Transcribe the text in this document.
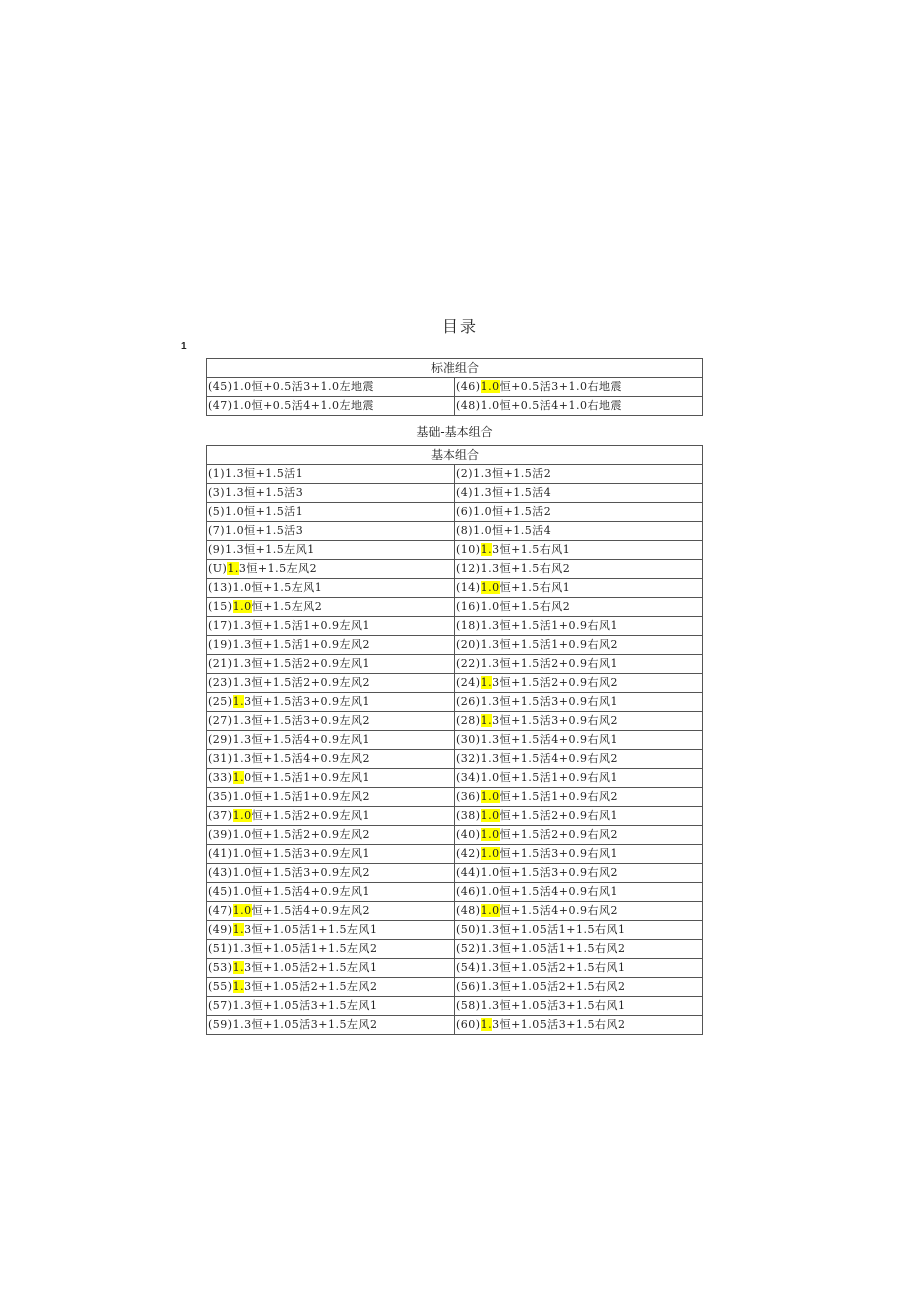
目录
1
标准组合	
(45)1.0恒+0.5活3+1.0左地震	(46)1.0恒+0.5活3+1.0右地震
(47)1.0恒+0.5活4+1.0左地震	(48)1.0恒+0.5活4+1.0右地震
基础-基本组合
基本组合	
(1)1.3恒+1.5活1	(2)1.3恒+1.5活2
(3)1.3恒+1.5活3	(4)1.3恒+1.5活4
(5)1.0恒+1.5活1	(6)1.0恒+1.5活2
(7)1.0恒+1.5活3	(8)1.0恒+1.5活4
(9)1.3恒+1.5左风1	(10)1.3恒+1.5右风1
(U)1.3恒+1.5左风2	(12)1.3恒+1.5右风2
(13)1.0恒+1.5左风1	(14)1.0恒+1.5右风1
(15)1.0恒+1.5左风2	(16)1.0恒+1.5右风2
(17)1.3恒+1.5活1+0.9左风1	(18)1.3恒+1.5活1+0.9右风1
(19)1.3恒+1.5活1+0.9左风2	(20)1.3恒+1.5活1+0.9右风2
(21)1.3恒+1.5活2+0.9左风1	(22)1.3恒+1.5活2+0.9右风1
(23)1.3恒+1.5活2+0.9左风2	(24)1.3恒+1.5活2+0.9右风2
(25)1.3恒+1.5活3+0.9左风1	(26)1.3恒+1.5活3+0.9右风1
(27)1.3恒+1.5活3+0.9左风2	(28)1.3恒+1.5活3+0.9右风2
(29)1.3恒+1.5活4+0.9左风1	(30)1.3恒+1.5活4+0.9右风1
(31)1.3恒+1.5活4+0.9左风2	(32)1.3恒+1.5活4+0.9右风2
(33)1.0恒+1.5活1+0.9左风1	(34)1.0恒+1.5活1+0.9右风1
(35)1.0恒+1.5活1+0.9左风2	(36)1.0恒+1.5活1+0.9右风2
(37)1.0恒+1.5活2+0.9左风1	(38)1.0恒+1.5活2+0.9右风1
(39)1.0恒+1.5活2+0.9左风2	(40)1.0恒+1.5活2+0.9右风2
(41)1.0恒+1.5活3+0.9左风1	(42)1.0恒+1.5活3+0.9右风1
(43)1.0恒+1.5活3+0.9左风2	(44)1.0恒+1.5活3+0.9右风2
(45)1.0恒+1.5活4+0.9左风1	(46)1.0恒+1.5活4+0.9右风1
(47)1.0恒+1.5活4+0.9左风2	(48)1.0恒+1.5活4+0.9右风2
(49)1.3恒+1.05活1+1.5左风1	(50)1.3恒+1.05活1+1.5右风1
(51)1.3恒+1.05活1+1.5左风2	(52)1.3恒+1.05活1+1.5右风2
(53)1.3恒+1.05活2+1.5左风1	(54)1.3恒+1.05活2+1.5右风1
(55)1.3恒+1.05活2+1.5左风2	(56)1.3恒+1.05活2+1.5右风2
(57)1.3恒+1.05活3+1.5左风1	(58)1.3恒+1.05活3+1.5右风1
(59)1.3恒+1.05活3+1.5左风2	(60)1.3恒+1.05活3+1.5右风2
